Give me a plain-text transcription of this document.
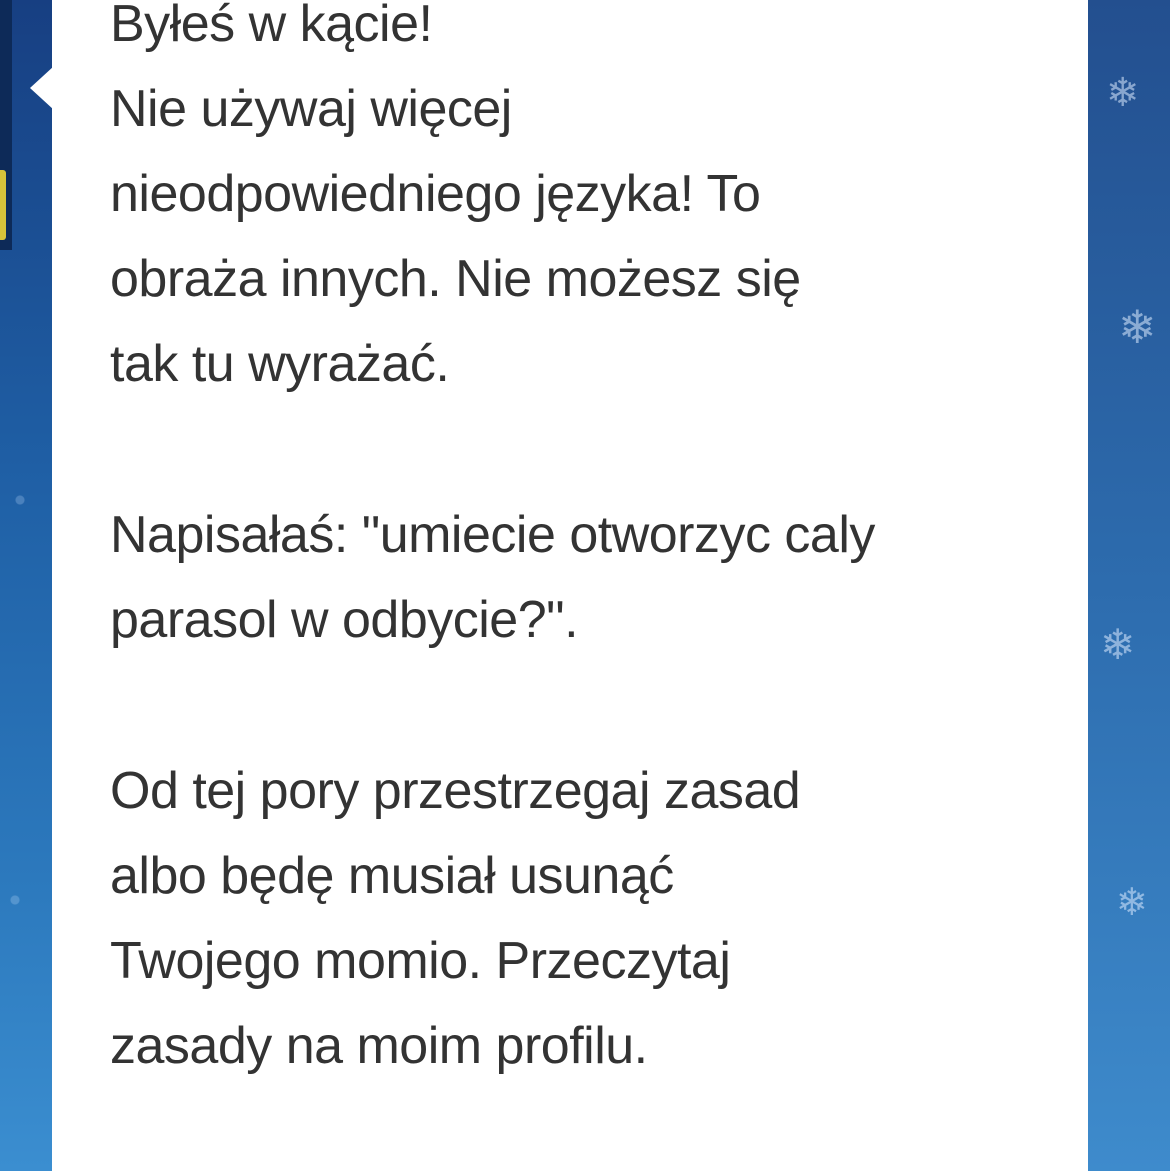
❄
❄
❄
❄
Byłeś w kącie!
Nie używaj więcej
nieodpowiedniego języka! To
obraża innych. Nie możesz się
tak tu wyrażać.
Napisałaś: "umiecie otworzyc caly
parasol w odbycie?".
Od tej pory przestrzegaj zasad
albo będę musiał usunąć
Twojego momio. Przeczytaj
zasady na moim profilu.
